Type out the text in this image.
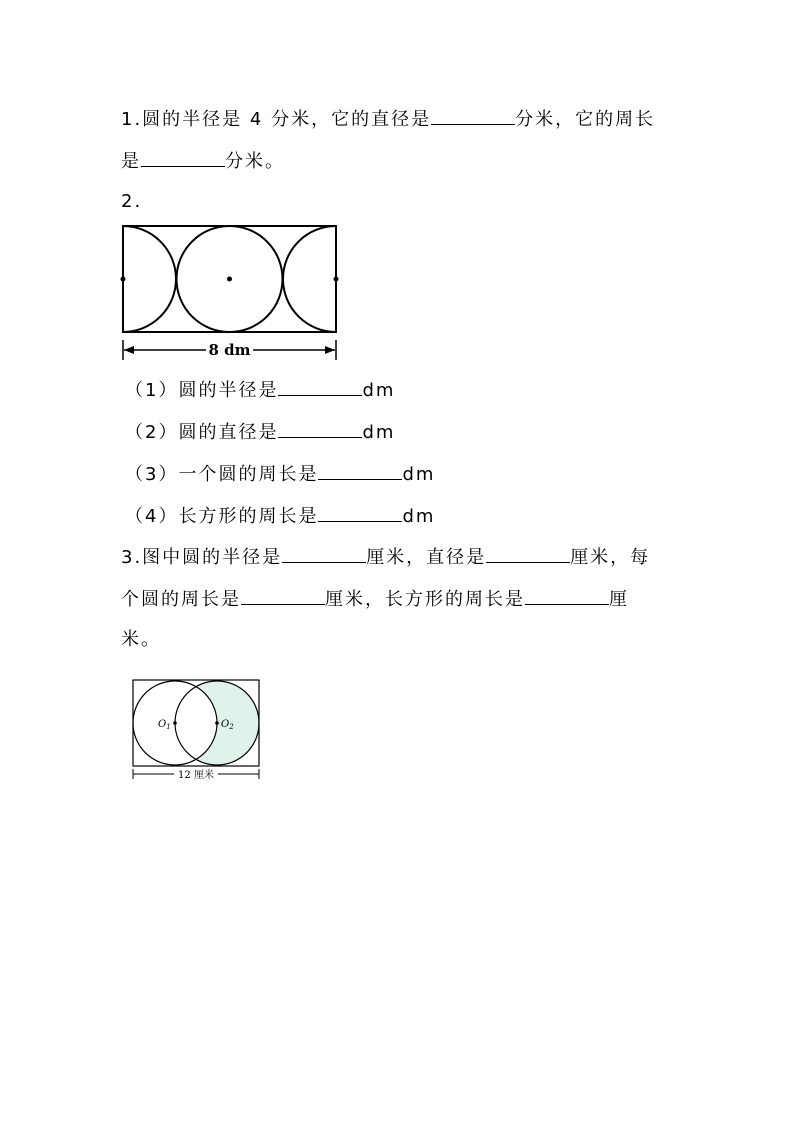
1.圆的半径是 4 分米，它的直径是	分米，它的周长
是	分米。
2.
8 dm
（1）圆的半径是	dm
（2）圆的直径是	dm
（3）一个圆的周长是	dm
（4）长方形的周长是	dm
3.图中圆的半径是	厘米，直径是	厘米，每
个圆的周长是	厘米，长方形的周长是	厘
米。
$O_1$	$O_2$
12 厘米
